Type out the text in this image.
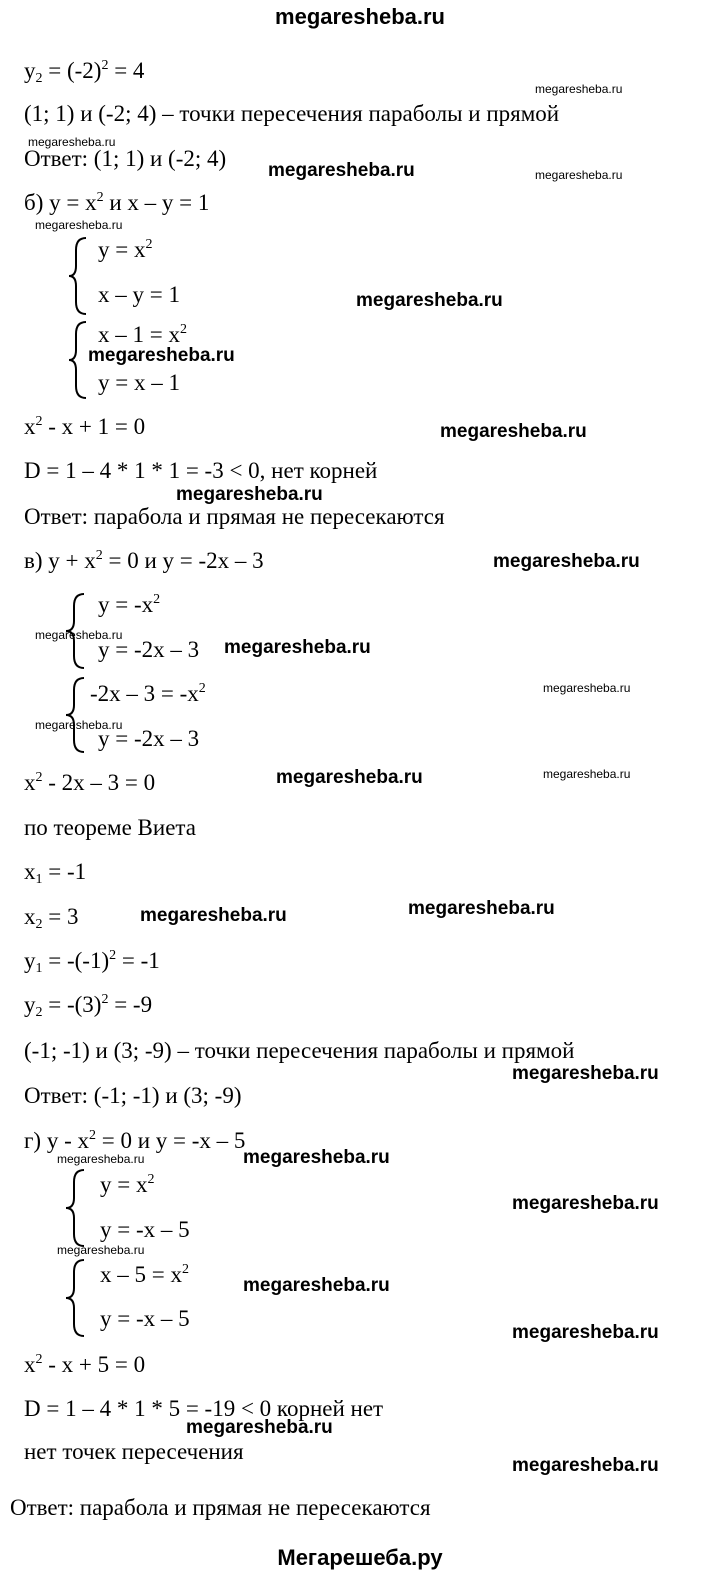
megaresheba.ru
megaresheba.ru
megaresheba.ru
megaresheba.ru	megaresheba.ru
megaresheba.ru
megaresheba.ru
megaresheba.ru
megaresheba.ru
megaresheba.ru
megaresheba.ru
megaresheba.ru
megaresheba.ru
megaresheba.ru
megaresheba.ru
megaresheba.ru	megaresheba.ru
megaresheba.ru
megaresheba.ru
megaresheba.ru
megaresheba.ru	megaresheba.ru
megaresheba.ru
megaresheba.ru
megaresheba.ru
megaresheba.ru
megaresheba.ru
megaresheba.ru
$y_2 = (-2)^2 = 4$
(1; 1) и (-2; 4) – точки пересечения параболы и прямой
Ответ: (1; 1) и (-2; 4)
б) $y = x^2$ и x – y = 1
$y = x^2$
x – y = 1
$x - 1 = x^2$
y = x – 1
$x^2 - x + 1 = 0$
D = 1 – 4 * 1 * 1 = -3 < 0, нет корней
Ответ: парабола и прямая не пересекаются
в) $y + x^2 = 0$ и y = -2x – 3
$y = -x^2$
y = -2x – 3
$-2x - 3 = -x^2$
y = -2x – 3
$x^2 - 2x - 3 = 0$
по теореме Виета
$x_1 = -1$
$x_2 = 3$
$y_1 = -(-1)^2 = -1$
$y_2 = -(3)^2 = -9$
(-1; -1) и (3; -9) – точки пересечения параболы и прямой
Ответ: (-1; -1) и (3; -9)
г) $y - x^2 = 0$ и y = -x – 5
$y = x^2$
y = -x – 5
$x - 5 = x^2$
y = -x – 5
$x^2 - x + 5 = 0$
D = 1 – 4 * 1 * 5 = -19 < 0 корней нет
нет точек пересечения
Ответ: парабола и прямая не пересекаются
Мегарешеба.ру
